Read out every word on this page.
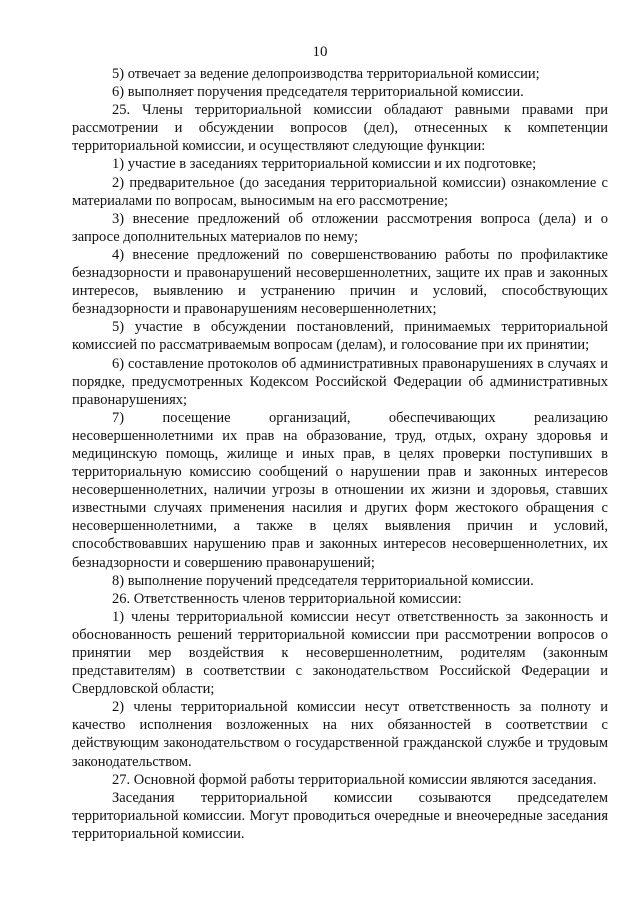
10

5) отвечает за ведение делопроизводства территориальной комиссии;

6) выполняет поручения председателя территориальной комиссии.

25. Члены территориальной комиссии обладают равными правами при рассмотрении и обсуждении вопросов (дел), отнесенных к компетенции территориальной комиссии, и осуществляют следующие функции:

1) участие в заседаниях территориальной комиссии и их подготовке;

2) предварительное (до заседания территориальной комиссии) ознакомление с материалами по вопросам, выносимым на его рассмотрение;

3) внесение предложений об отложении рассмотрения вопроса (дела) и о запросе дополнительных материалов по нему;

4) внесение предложений по совершенствованию работы по профилактике безнадзорности и правонарушений несовершеннолетних, защите их прав и законных интересов, выявлению и устранению причин и условий, способствующих безнадзорности и правонарушениям несовершеннолетних;

5) участие в обсуждении постановлений, принимаемых территориальной комиссией по рассматриваемым вопросам (делам), и голосование при их принятии;

6) составление протоколов об административных правонарушениях в случаях и порядке, предусмотренных Кодексом Российской Федерации об административных правонарушениях;

7) посещение организаций, обеспечивающих реализацию несовершеннолетними их прав на образование, труд, отдых, охрану здоровья и медицинскую помощь, жилище и иных прав, в целях проверки поступивших в территориальную комиссию сообщений о нарушении прав и законных интересов несовершеннолетних, наличии угрозы в отношении их жизни и здоровья, ставших известными случаях применения насилия и других форм жестокого обращения с несовершеннолетними, а также в целях выявления причин и условий, способствовавших нарушению прав и законных интересов несовершеннолетних, их безнадзорности и совершению правонарушений;

8) выполнение поручений председателя территориальной комиссии.

26. Ответственность членов территориальной комиссии:

1) члены территориальной комиссии несут ответственность за законность и обоснованность решений территориальной комиссии при рассмотрении вопросов о принятии мер воздействия к несовершеннолетним, родителям (законным представителям) в соответствии с законодательством Российской Федерации и Свердловской области;

2) члены территориальной комиссии несут ответственность за полноту и качество исполнения возложенных на них обязанностей в соответствии с действующим законодательством о государственной гражданской службе и трудовым законодательством.

27. Основной формой работы территориальной комиссии являются заседания.

Заседания территориальной комиссии созываются председателем территориальной комиссии. Могут проводиться очередные и внеочередные заседания территориальной комиссии.
